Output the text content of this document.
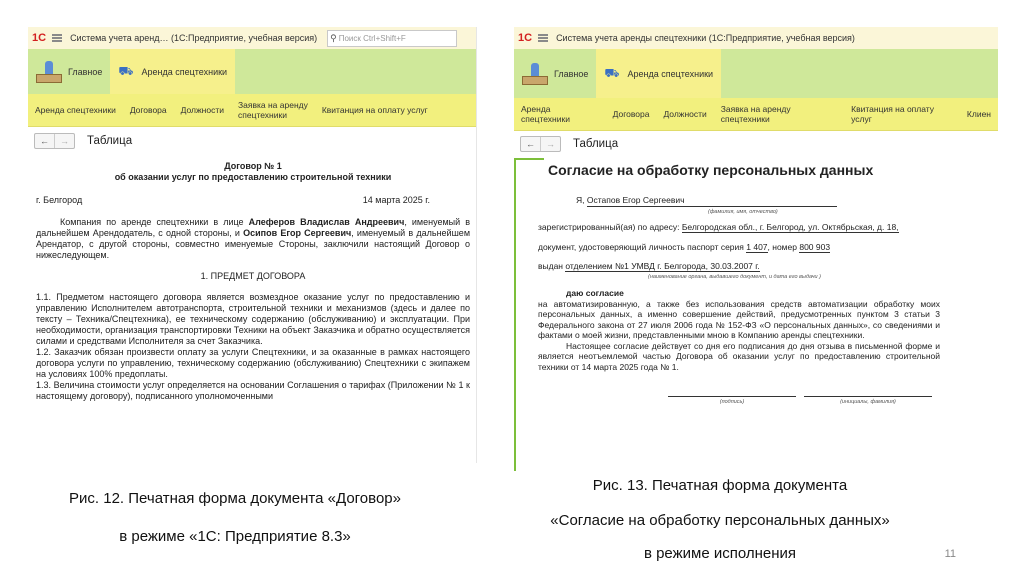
1С	Система учета аренд… (1С:Предприятие, учебная версия) ⚲ Поиск Ctrl+Shift+F
Главное ⛟ Аренда спецтехники
Аренда спецтехники	Договора	Должности	Заявка на аренду
спецтехники	Квитанция на оплату услуг
←	→	Таблица
Договор № 1
об оказании услуг по предоставлению строительной техники
г. Белгород	14 марта 2025 г.
Компания по аренде спецтехники в лице Алеферов Владислав Андреевич, именуемый в дальнейшем Арендодатель, с одной стороны, и Осипов Егор Сергеевич, именуемый в дальнейшем Арендатор, с другой стороны, совместно именуемые Стороны, заключили настоящий Договор о нижеследующем.
1. ПРЕДМЕТ ДОГОВОРА
1.1. Предметом настоящего договора является возмездное оказание услуг по предоставлению и управлению Исполнителем автотранспорта, строительной техники и механизмов (здесь и далее по тексту – Техника/Спецтехника), ее техническому содержанию (обслуживанию) и эксплуатации. При необходимости, организация транспортировки Техники на объект Заказчика и обратно осуществляется силами и средствами Исполнителя за счет Заказчика.
1.2. Заказчик обязан произвести оплату за услуги Спецтехники, и за оказанные в рамках настоящего договора услуги по управлению, техническому содержанию (обслуживанию) Спецтехники с экипажем на условиях 100% предоплаты.
1.3. Величина стоимости услуг определяется на основании Соглашения о тарифах (Приложении № 1 к настоящему договору), подписанного уполномоченными
1С	Система учета аренды спецтехники (1С:Предприятие, учебная версия)
Главное ⛟ Аренда спецтехники
Аренда спецтехники	Договора	Должности	Заявка на аренду спецтехники
Квитанция на оплату услуг	Клиен
←	→	Таблица
Согласие на обработку персональных данных
Я, Остапов Егор Сергеевич
(фамилия, имя, отчество)
зарегистрированный(ая) по адресу: Белгородская обл., г. Белгород, ул. Октябрьская, д. 18,
документ, удостоверяющий личность паспорт серия 1 407, номер 800 903
выдан отделением №1 УМВД г. Белгорода, 30.03.2007 г.
(наименование органа, выдавшего документ, и дата его выдачи )
даю согласие
на автоматизированную, а также без использования средств автоматизации обработку моих персональных данных, а именно совершение действий, предусмотренных пунктом 3 статьи 3 Федерального закона от 27 июля 2006 года № 152-ФЗ «О персональных данных», со сведениями и фактами о моей жизни, представленными мною в Компанию аренды спецтехники.
Настоящее согласие действует со дня его подписания до дня отзыва в письменной форме и является неотъемлемой частью Договора об оказании услуг по предоставлению строительной техники от 14 марта 2025 года № 1.
(подпись)	(инициалы, фамилия)
Рис. 12. Печатная форма документа «Договор»
в режиме «1С: Предприятие 8.3»
Рис. 13. Печатная форма документа
«Согласие на обработку персональных данных»
в режиме исполнения	11
